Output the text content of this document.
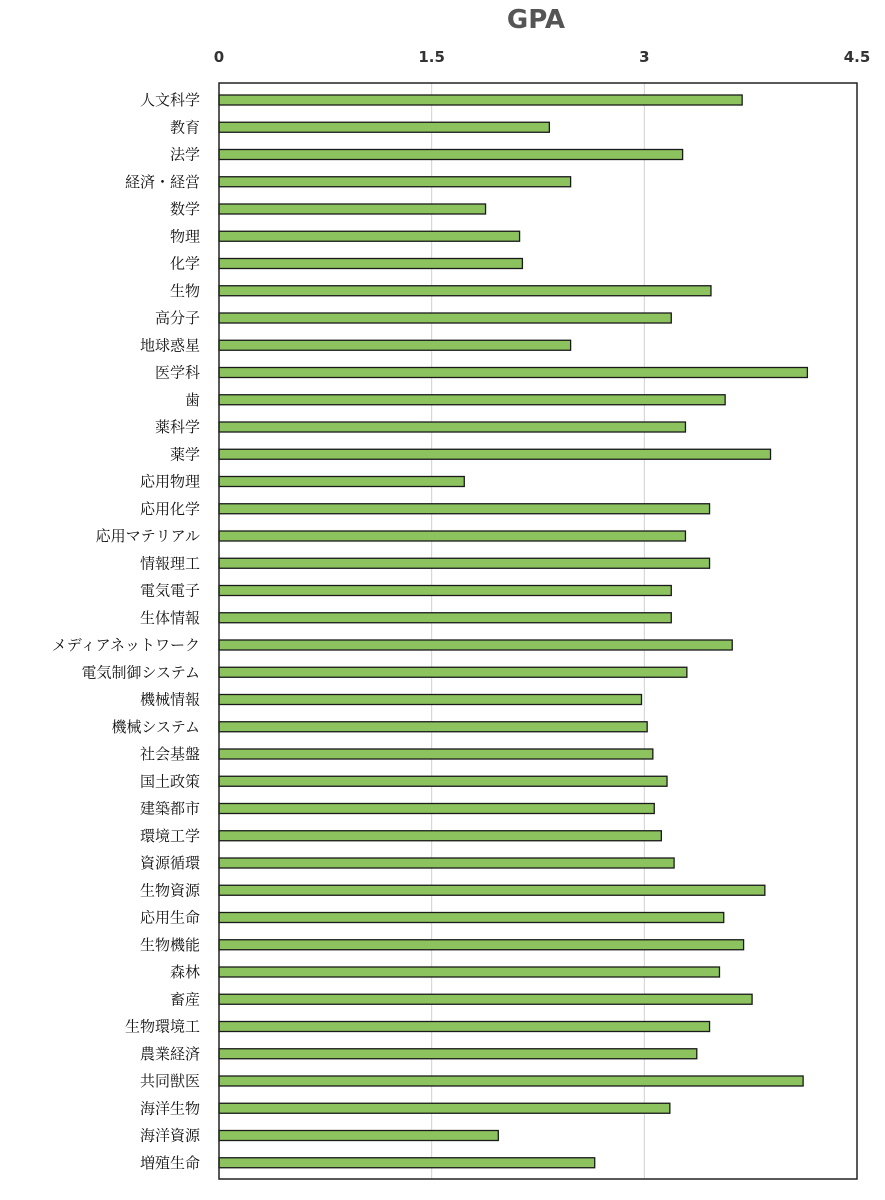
GPA
0	1.5	3	4.5
人文科学
教育
法学
経済・経営
数学
物理
化学
生物
高分子
地球惑星
医学科
歯
薬科学
薬学
応用物理
応用化学
応用マテリアル
情報理工
電気電子
生体情報
メディアネットワーク
電気制御システム
機械情報
機械システム
社会基盤
国土政策
建築都市
環境工学
資源循環
生物資源
応用生命
生物機能
森林
畜産
生物環境工
農業経済
共同獣医
海洋生物
海洋資源
増殖生命
